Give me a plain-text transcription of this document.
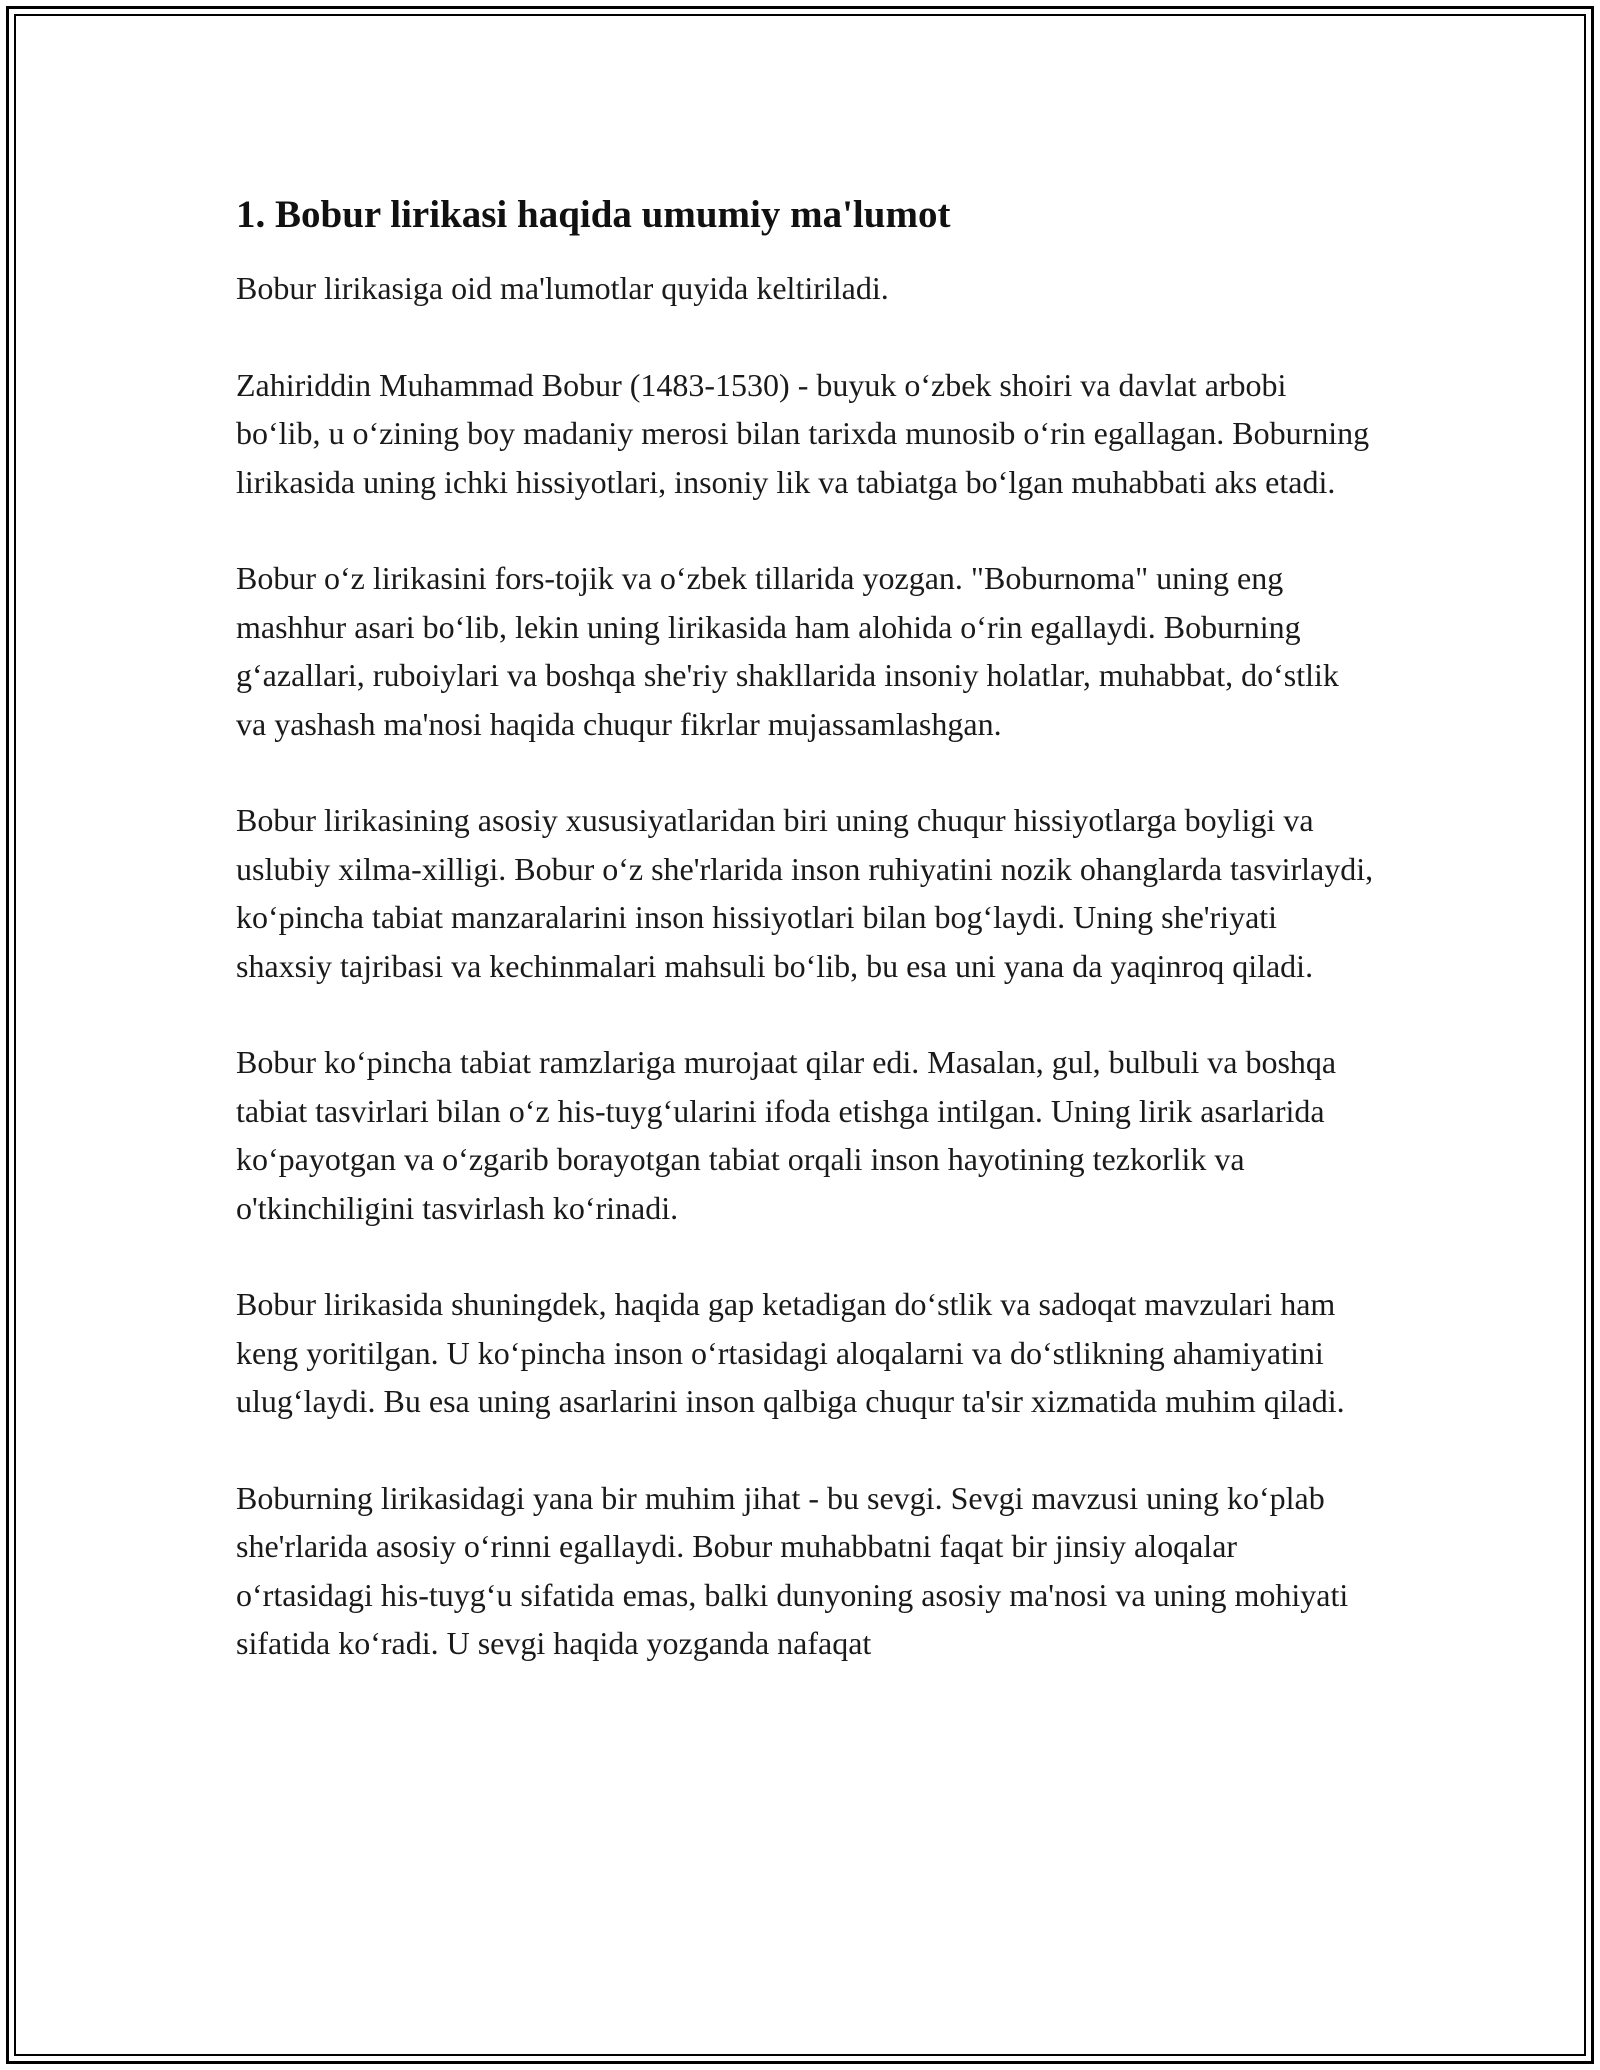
1. Bobur lirikasi haqida umumiy ma'lumot

Bobur lirikasiga oid ma'lumotlar quyida keltiriladi.

Zahiriddin Muhammad Bobur (1483-1530) - buyuk o‘zbek shoiri va davlat arbobi bo‘lib, u o‘zining boy madaniy merosi bilan tarixda munosib o‘rin egallagan. Boburning lirikasida uning ichki hissiyotlari, insoniy lik va tabiatga bo‘lgan muhabbati aks etadi.

Bobur o‘z lirikasini fors-tojik va o‘zbek tillarida yozgan. "Boburnoma" uning eng mashhur asari bo‘lib, lekin uning lirikasida ham alohida o‘rin egallaydi. Boburning g‘azallari, ruboiylari va boshqa she'riy shakllarida insoniy holatlar, muhabbat, do‘stlik va yashash ma'nosi haqida chuqur fikrlar mujassamlashgan.

Bobur lirikasining asosiy xususiyatlaridan biri uning chuqur hissiyotlarga boyligi va uslubiy xilma-xilligi. Bobur o‘z she'rlarida inson ruhiyatini nozik ohanglarda tasvirlaydi, ko‘pincha tabiat manzaralarini inson hissiyotlari bilan bog‘laydi. Uning she'riyati shaxsiy tajribasi va kechinmalari mahsuli bo‘lib, bu esa uni yana da yaqinroq qiladi.

Bobur ko‘pincha tabiat ramzlariga murojaat qilar edi. Masalan, gul, bulbuli va boshqa tabiat tasvirlari bilan o‘z his-tuyg‘ularini ifoda etishga intilgan. Uning lirik asarlarida ko‘payotgan va o‘zgarib borayotgan tabiat orqali inson hayotining tezkorlik va o'tkinchiligini tasvirlash ko‘rinadi.

Bobur lirikasida shuningdek, haqida gap ketadigan do‘stlik va sadoqat mavzulari ham keng yoritilgan. U ko‘pincha inson o‘rtasidagi aloqalarni va do‘stlikning ahamiyatini ulug‘laydi. Bu esa uning asarlarini inson qalbiga chuqur ta'sir xizmatida muhim qiladi.

Boburning lirikasidagi yana bir muhim jihat - bu sevgi. Sevgi mavzusi uning ko‘plab she'rlarida asosiy o‘rinni egallaydi. Bobur muhabbatni faqat bir jinsiy aloqalar o‘rtasidagi his-tuyg‘u sifatida emas, balki dunyoning asosiy ma'nosi va uning mohiyati sifatida ko‘radi. U sevgi haqida yozganda nafaqat
